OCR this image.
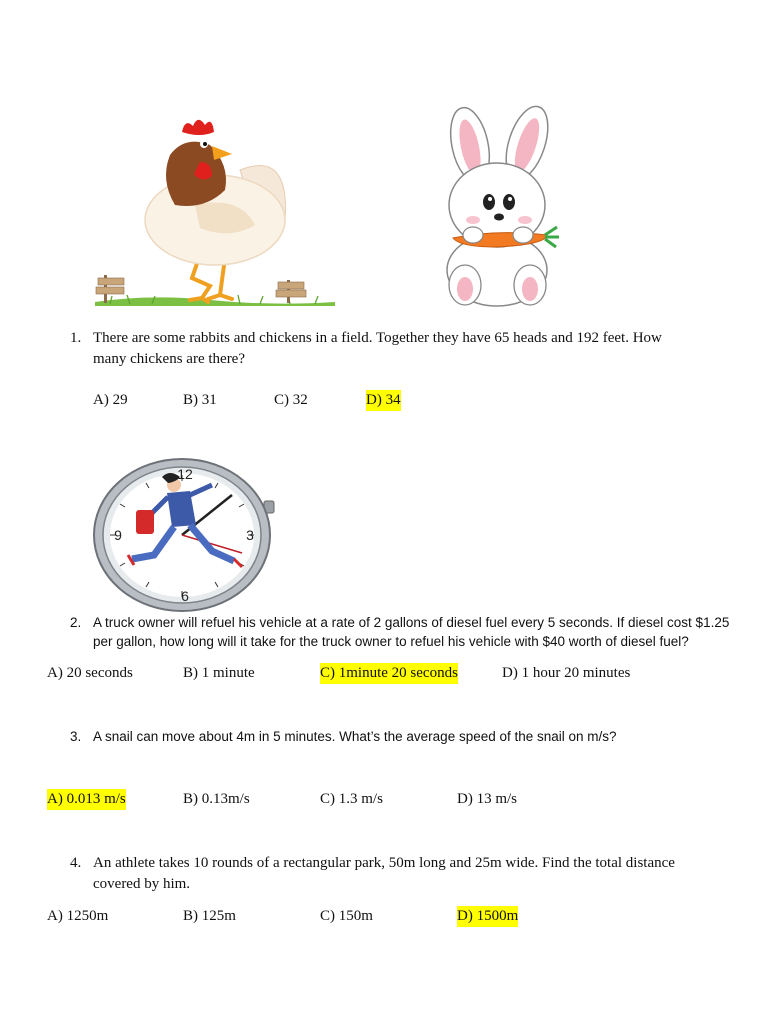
1. There are some rabbits and chickens in a field. Together they have 65 heads and 192 feet. How
many chickens are there?
A) 29	B) 31	C) 32	D) 34
12
3
6
9
2. A truck owner will refuel his vehicle at a rate of 2 gallons of diesel fuel every 5 seconds. If diesel cost $1.25
per gallon, how long will it take for the truck owner to refuel his vehicle with $40 worth of diesel fuel?
A) 20 seconds	B) 1 minute	C) 1minute 20 seconds	D) 1 hour 20 minutes
3. A snail can move about 4m in 5 minutes. What’s the average speed of the snail on m/s?
A) 0.013 m/s	B) 0.13m/s	C) 1.3 m/s	D) 13 m/s
4. An athlete takes 10 rounds of a rectangular park, 50m long and 25m wide. Find the total distance
covered by him.
A) 1250m	B) 125m	C) 150m	D) 1500m
